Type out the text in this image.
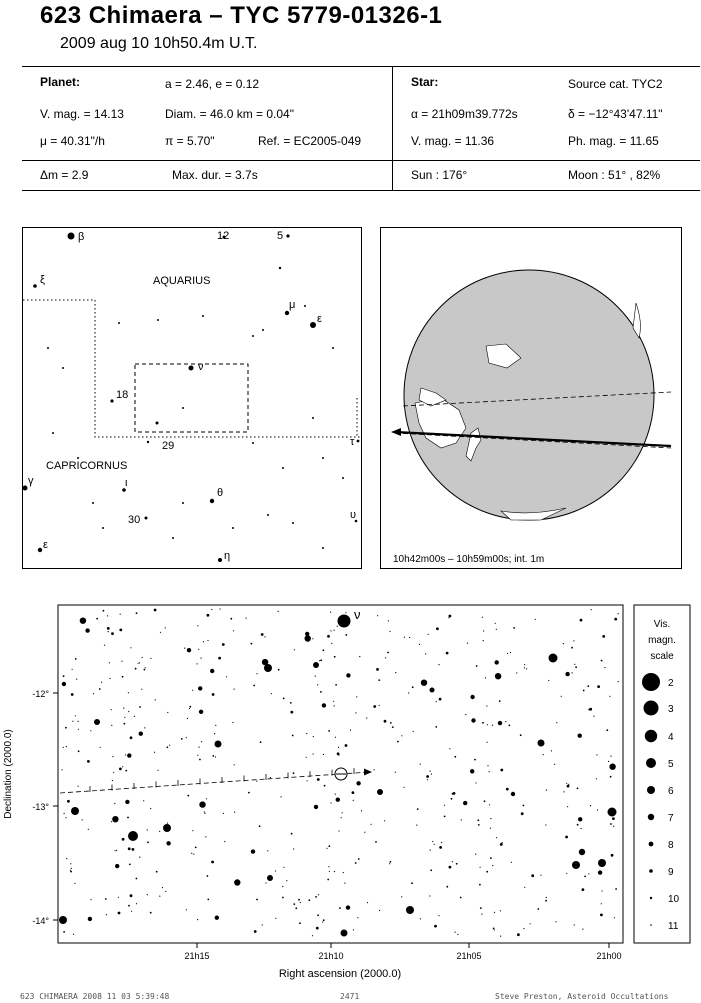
623 Chimaera – TYC 5779-01326-1
2009 aug 10 10h50.4m U.T.
Planet:	a = 2.46, e = 0.12
V. mag. = 14.13	Diam. = 46.0 km = 0.04"
μ = 40.31"/h	π = 5.70"	Ref. = EC2005-049
Δm = 2.9	Max. dur. = 3.7s
Star:	Source cat. TYC2
α = 21h09m39.772s	δ = −12°43'47.11"
V. mag. = 11.36	Ph. mag. = 11.65
Sun : 176°	Moon : 51° , 82%
β	12	5
ξ	AQUARIUS
μ
ε
ν
18
29	τ
CAPRICORNUS
γ	ι
θ
30	υ
ε
η	10h42m00s – 10h59m00s; int. 1m
ν
-12°
-13°
-14°
Declination (2000.0)
21h15	21h10	21h05	21h00
Right ascension (2000.0)
Vis.
magn.
scale
2
3
4
5
6
7
8
9
10
11
623 CHIMAERA 2008 11 03 5:39:48	2471	Steve Preston, Asteroid Occultations
